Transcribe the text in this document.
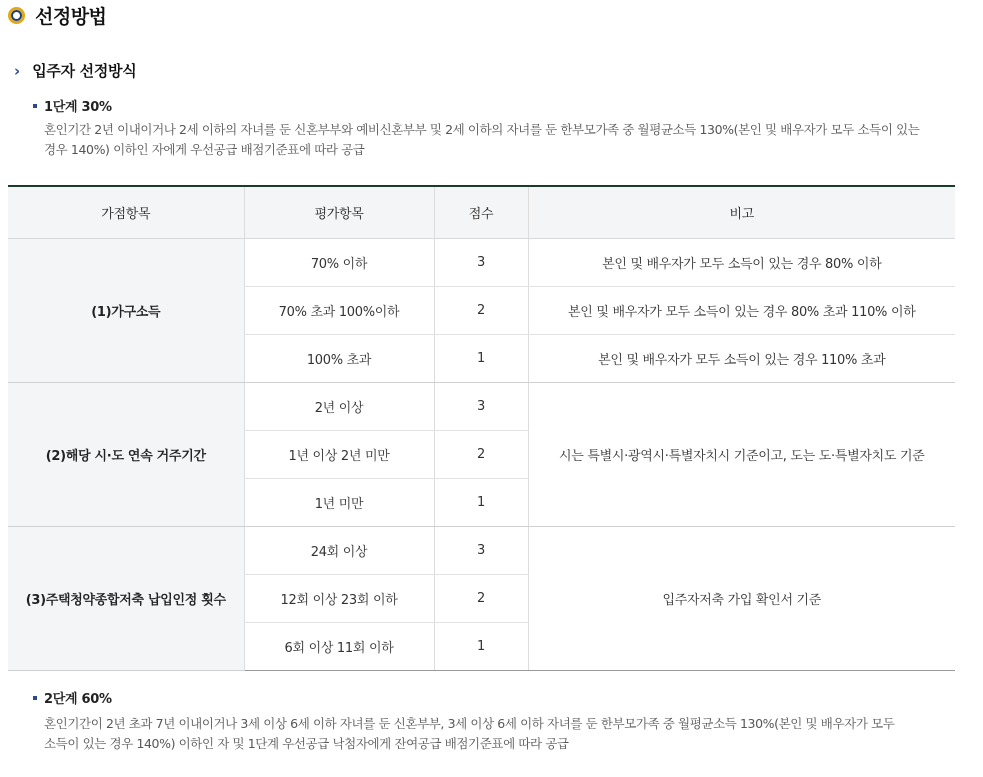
선정방법
› 입주자 선정방식
1단계 30%
혼인기간 2년 이내이거나 2세 이하의 자녀를 둔 신혼부부와 예비신혼부부 및 2세 이하의 자녀를 둔 한부모가족 중 월평균소득 130%(본인 및 배우자가 모두 소득이 있는
경우 140%) 이하인 자에게 우선공급 배점기준표에 따라 공급
가점항목	평가항목	점수	비고
(1)가구소득	70% 이하	3	본인 및 배우자가 모두 소득이 있는 경우 80% 이하
	70% 초과 100%이하	2	본인 및 배우자가 모두 소득이 있는 경우 80% 초과 110% 이하
	100% 초과	1	본인 및 배우자가 모두 소득이 있는 경우 110% 초과
(2)해당 시·도 연속 거주기간	2년 이상	3	시는 특별시·광역시·특별자치시 기준이고, 도는 도·특별자치도 기준
	1년 이상 2년 미만	2	
	1년 미만	1	
(3)주택청약종합저축 납입인정 횟수	24회 이상	3	입주자저축 가입 확인서 기준
	12회 이상 23회 이하	2	
	6회 이상 11회 이하	1	
2단계 60%
혼인기간이 2년 초과 7년 이내이거나 3세 이상 6세 이하 자녀를 둔 신혼부부, 3세 이상 6세 이하 자녀를 둔 한부모가족 중 월평균소득 130%(본인 및 배우자가 모두
소득이 있는 경우 140%) 이하인 자 및 1단계 우선공급 낙첨자에게 잔여공급 배점기준표에 따라 공급
